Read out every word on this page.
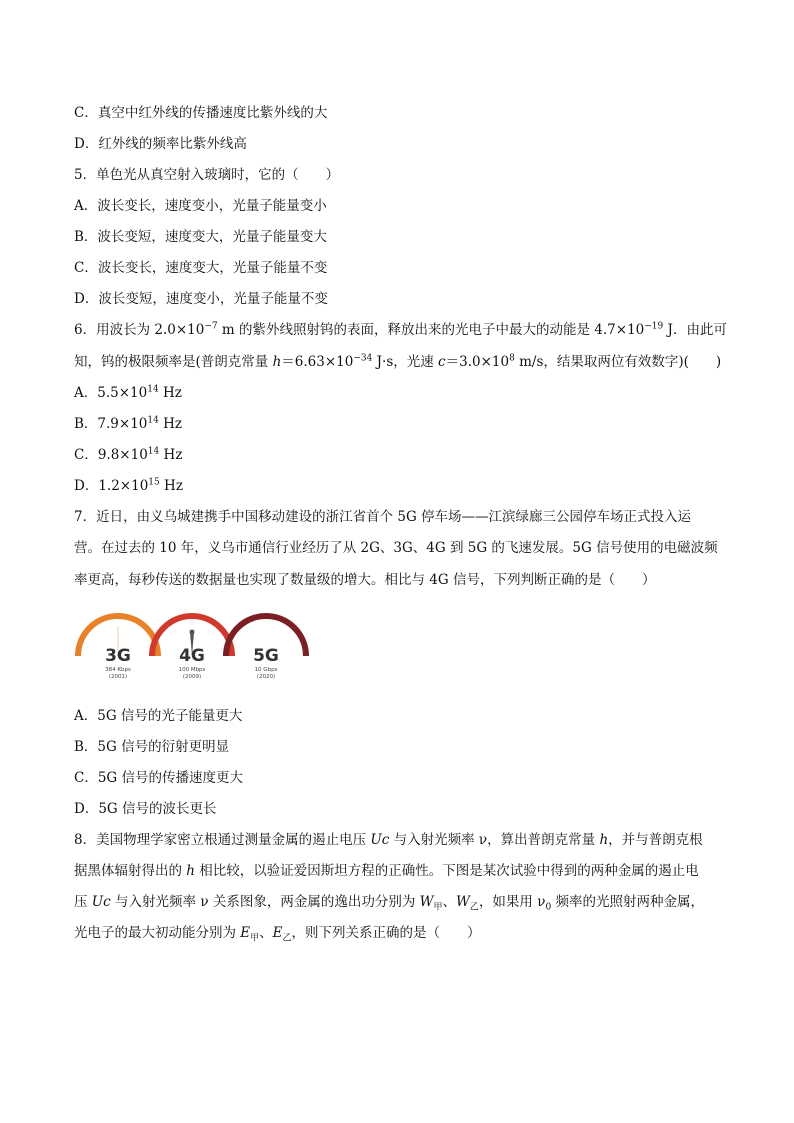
C．真空中红外线的传播速度比紫外线的大
D．红外线的频率比紫外线高
5．单色光从真空射入玻璃时，它的（　　）
A．波长变长，速度变小，光量子能量变小
B．波长变短，速度变大，光量子能量变大
C．波长变长，速度变大，光量子能量不变
D．波长变短，速度变小，光量子能量不变
6．用波长为 $2.0\times 10^{-7}$ m 的紫外线照射钨的表面，释放出来的光电子中最大的动能是 $4.7\times 10^{-19}$ J．由此可
知，钨的极限频率是(普朗克常量 $h=6.63\times 10^{-34}$ J·s，光速 $c=3.0\times 10^8$ m/s，结果取两位有效数字)(　　)
A．$5.5\times 10^{14}$ Hz
B．$7.9\times 10^{14}$ Hz
C．$9.8\times 10^{14}$ Hz
D．$1.2\times 10^{15}$ Hz
7．近日，由义乌城建携手中国移动建设的浙江省首个 5G 停车场——江滨绿廊三公园停车场正式投入运
营。在过去的 10 年，义乌市通信行业经历了从 2G、3G、4G 到 5G 的飞速发展。5G 信号使用的电磁波频
率更高，每秒传送的数据量也实现了数量级的增大。相比与 4G 信号，下列判断正确的是（　　）
3G
384 Kbps
(2001)
4G
100 Mbps
(2009)
5G
10 Gbps
(2020)
A．5G 信号的光子能量更大
B．5G 信号的衍射更明显
C．5G 信号的传播速度更大
D．5G 信号的波长更长
8．美国物理学家密立根通过测量金属的遏止电压 Uc 与入射光频率 ν，算出普朗克常量 h，并与普朗克根
据黑体辐射得出的 h 相比较，以验证爱因斯坦方程的正确性。下图是某次试验中得到的两种金属的遏止电
压 Uc 与入射光频率 ν 关系图象，两金属的逸出功分别为 $W_甲$、$W_乙$，如果用 $\nu_0$ 频率的光照射两种金属，
光电子的最大初动能分别为 $E_甲$、$E_乙$，则下列关系正确的是（　　）
